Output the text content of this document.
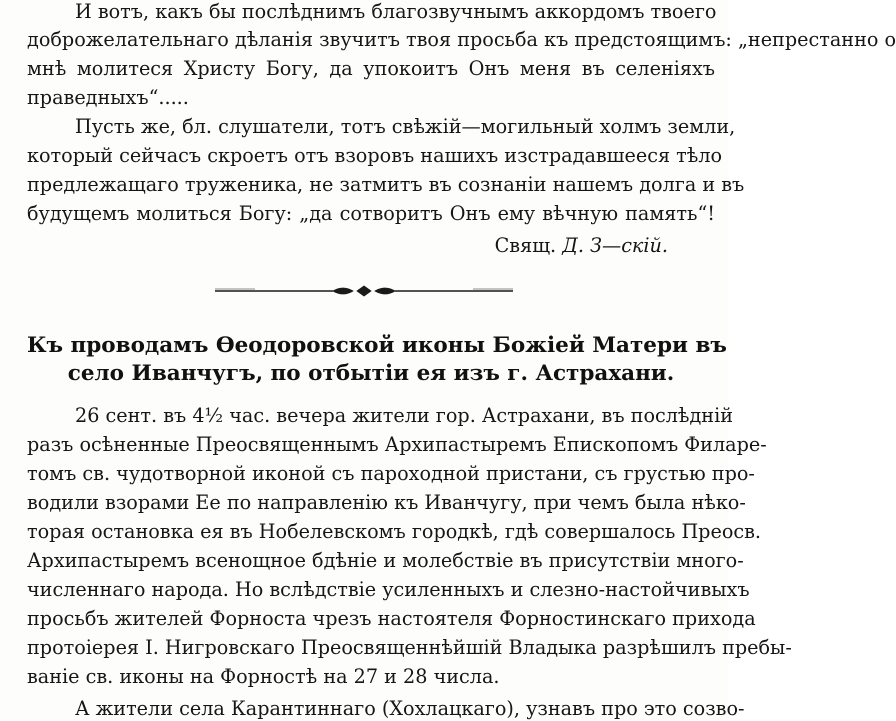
И вотъ, какъ бы послѣднимъ благозвучнымъ аккордомъ твоего
доброжелательнаго дѣланія звучитъ твоя просьба къ предстоящимъ: „непрестанно о
мнѣ молитеся Христу Богу, да упокоитъ Онъ меня въ селеніяхъ
праведныхъ“.....
Пусть же, бл. слушатели, тотъ свѣжій—могильный холмъ земли,
который сейчасъ скроетъ отъ взоровъ нашихъ изстрадавшееся тѣло
предлежащаго труженика, не затмитъ въ сознаніи нашемъ долга и въ
будущемъ молиться Богу: „да сотворитъ Онъ ему вѣчную память“!
Свящ. Д. З—скій.
Къ проводамъ Ѳеодоровской иконы Божіей Матери въ
село Иванчугъ, по отбытіи ея изъ г. Астрахани.
26 сент. въ 4½ час. вечера жители гор. Астрахани, въ послѣдній
разъ осѣненные Преосвященнымъ Архипастыремъ Епископомъ Филарe-
томъ св. чудотворной иконой съ пароходной пристани, съ грустью про-
водили взорами Ее по направленію къ Иванчугу, при чемъ была нѣко-
торая остановка ея въ Нобелевскомъ городкѣ, гдѣ совершалось Преосв.
Архипастыремъ всенощное бдѣніе и молебствіе въ присутствіи много-
численнаго народа. Но вслѣдствіе усиленныхъ и слезно-настойчивыхъ
просьбъ жителей Форноста чрезъ настоятеля Форностинскаго прихода
протоіерея І. Нигровскаго Преосвященнѣйшій Владыка разрѣшилъ пребы-
ваніе св. иконы на Форностѣ на 27 и 28 числа.
А жители села Карантиннаго (Хохлацкаго), узнавъ про это созво-
